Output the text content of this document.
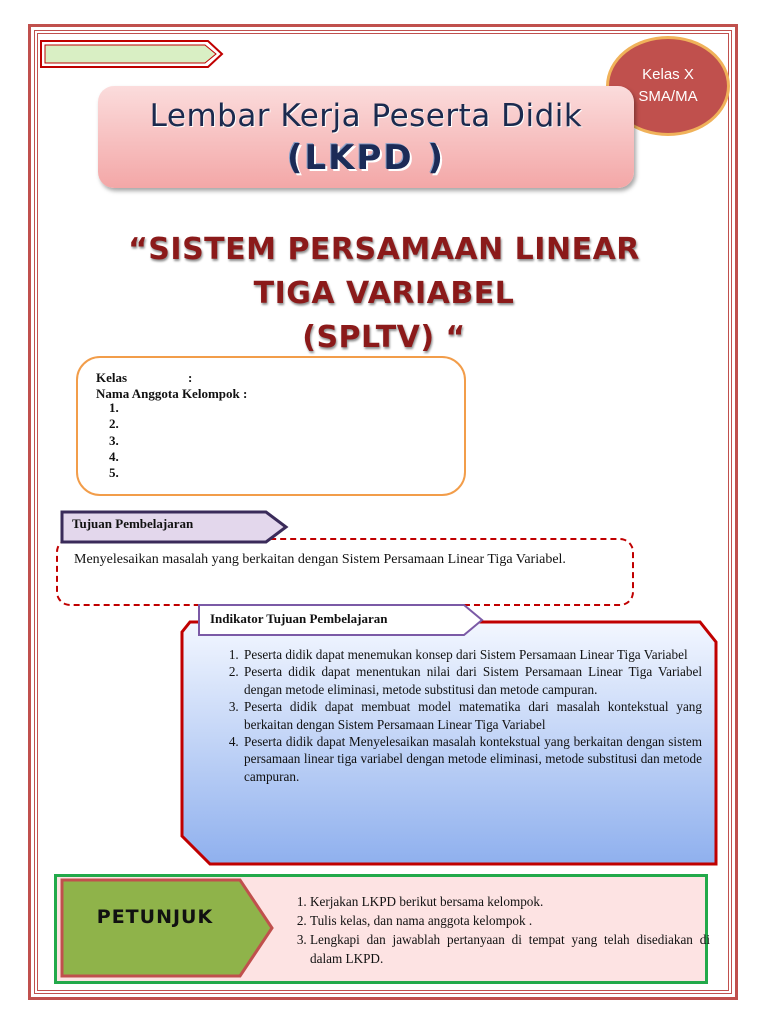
Kelas X
SMA/MA
Lembar Kerja Peserta Didik
(LKPD )
“SISTEM PERSAMAAN LINEAR TIGA VARIABEL
(SPLTV) “
Kelas	:
Nama Anggota Kelompok :
1.
2.
3.
4.
5.
Menyelesaikan masalah yang berkaitan dengan Sistem Persamaan Linear Tiga Variabel.
Tujuan Pembelajaran
Indikator Tujuan Pembelajaran
1. Peserta didik dapat menemukan konsep dari Sistem Persamaan Linear Tiga Variabel
2. Peserta didik dapat menentukan nilai dari Sistem Persamaan Linear Tiga Variabel dengan metode eliminasi, metode substitusi dan metode campuran.
3. Peserta didik dapat membuat model matematika dari masalah kontekstual yang berkaitan dengan Sistem Persamaan Linear Tiga Variabel
4. Peserta didik dapat Menyelesaikan masalah kontekstual yang berkaitan dengan sistem persamaan linear tiga variabel dengan metode eliminasi, metode substitusi dan metode campuran.
PETUNJUK
1. Kerjakan LKPD berikut bersama kelompok.
2. Tulis kelas, dan nama anggota kelompok .
3. Lengkapi dan jawablah pertanyaan di tempat yang telah disediakan di dalam LKPD.
